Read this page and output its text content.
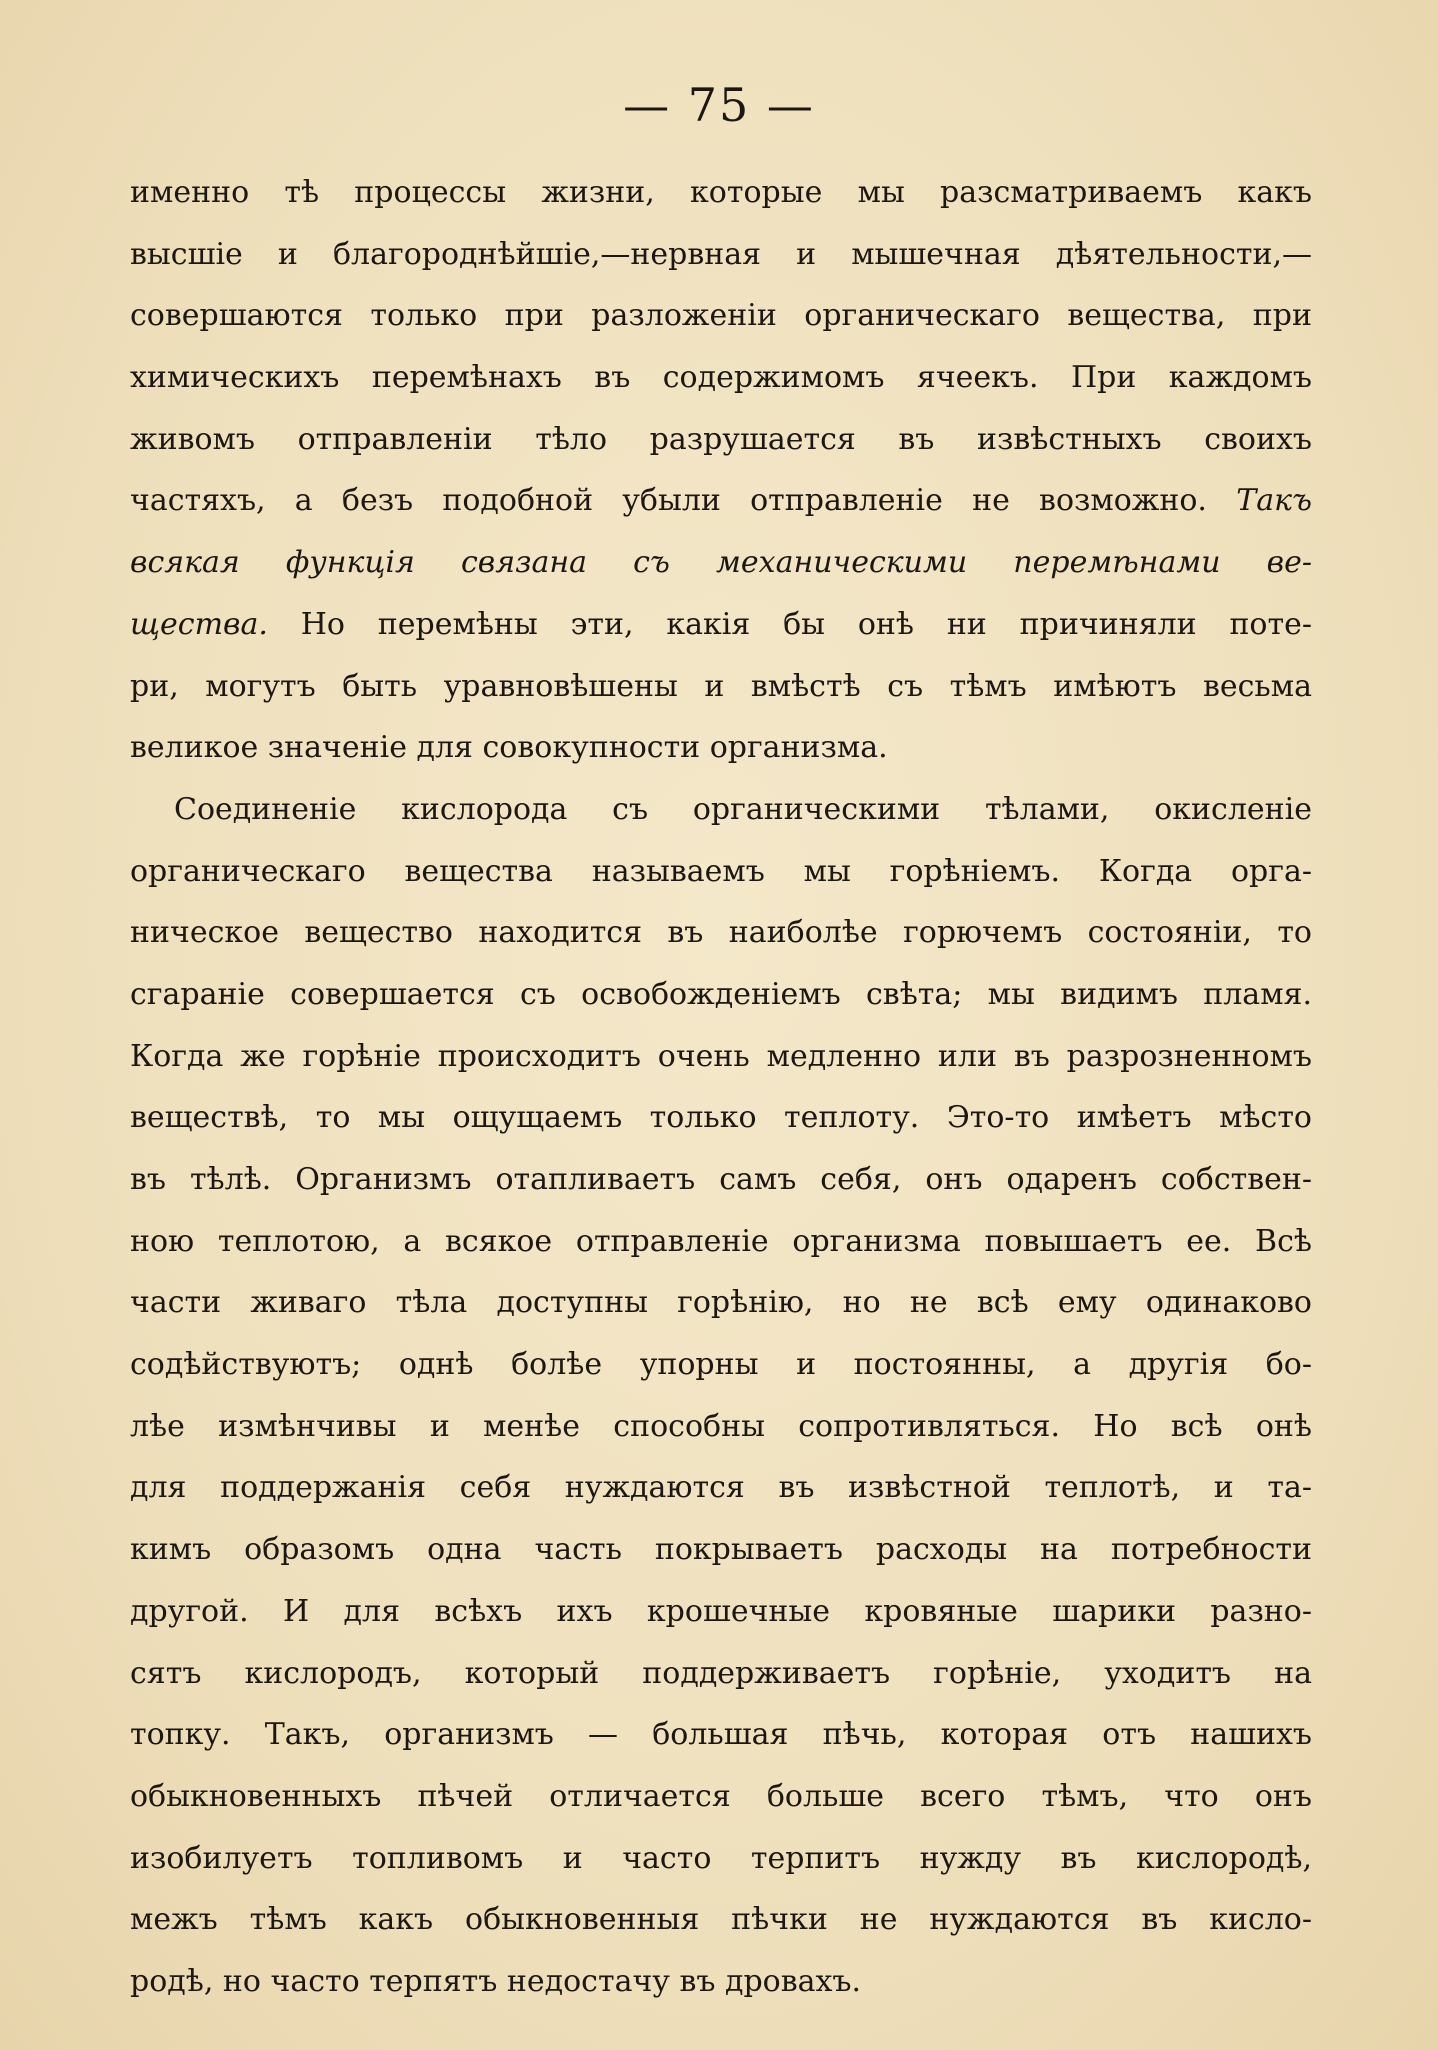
— 75 —
именно тѣ процессы жизни, которые мы разсматриваемъ какъ
высшіе и благороднѣйшіе,—нервная и мышечная дѣятельности,—
совершаются только при разложеніи органическаго вещества, при
химическихъ перемѣнахъ въ содержимомъ ячеекъ. При каждомъ
живомъ отправленіи тѣло разрушается въ извѣстныхъ своихъ
частяхъ, а безъ подобной убыли отправленіе не возможно. Такъ
всякая функція связана съ механическими перемѣнами ве-
щества. Но перемѣны эти, какія бы онѣ ни причиняли поте-
ри, могутъ быть уравновѣшены и вмѣстѣ съ тѣмъ имѣютъ весьма
великое значеніе для совокупности организма.
Соединеніе кислорода съ органическими тѣлами, окисленіе
органическаго вещества называемъ мы горѣніемъ. Когда орга-
ническое вещество находится въ наиболѣе горючемъ состояніи, то
сгараніе совершается съ освобожденіемъ свѣта; мы видимъ пламя.
Когда же горѣніе происходитъ очень медленно или въ разрозненномъ
веществѣ, то мы ощущаемъ только теплоту. Это-то имѣетъ мѣсто
въ тѣлѣ. Организмъ отапливаетъ самъ себя, онъ одаренъ собствен-
ною теплотою, а всякое отправленіе организма повышаетъ ее. Всѣ
части живаго тѣла доступны горѣнію, но не всѣ ему одинаково
содѣйствуютъ; однѣ болѣе упорны и постоянны, а другія бо-
лѣе измѣнчивы и менѣе способны сопротивляться. Но всѣ онѣ
для поддержанія себя нуждаются въ извѣстной теплотѣ, и та-
кимъ образомъ одна часть покрываетъ расходы на потребности
другой. И для всѣхъ ихъ крошечные кровяные шарики разно-
сятъ кислородъ, который поддерживаетъ горѣніе, уходитъ на
топку. Такъ, организмъ — большая пѣчь, которая отъ нашихъ
обыкновенныхъ пѣчей отличается больше всего тѣмъ, что онъ
изобилуетъ топливомъ и часто терпитъ нужду въ кислородѣ,
межъ тѣмъ какъ обыкновенныя пѣчки не нуждаются въ кисло-
родѣ, но часто терпятъ недостачу въ дровахъ.
